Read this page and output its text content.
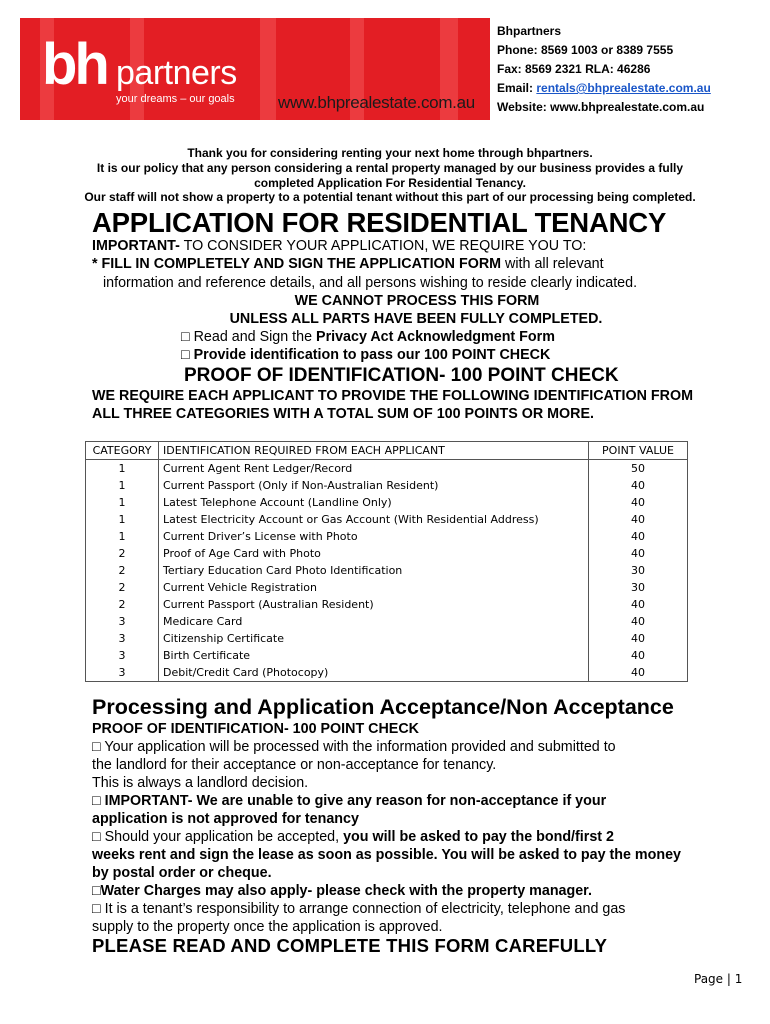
bh partners
your dreams – our goals	www.bhprealestate.com.au
Bhpartners
Phone: 8569 1003 or 8389 7555
Fax: 8569 2321 RLA: 46286
Email: rentals@bhprealestate.com.au
Website: www.bhprealestate.com.au
Thank you for considering renting your next home through bhpartners.
It is our policy that any person considering a rental property managed by our business provides a fully
completed Application For Residential Tenancy.
Our staff will not show a property to a potential tenant without this part of our processing being completed.
APPLICATION FOR RESIDENTIAL TENANCY
IMPORTANT- TO CONSIDER YOUR APPLICATION, WE REQUIRE YOU TO:
* FILL IN COMPLETELY AND SIGN THE APPLICATION FORM with all relevant
information and reference details, and all persons wishing to reside clearly indicated.
WE CANNOT PROCESS THIS FORM
UNLESS ALL PARTS HAVE BEEN FULLY COMPLETED.
□ Read and Sign the Privacy Act Acknowledgment Form
□ Provide identification to pass our 100 POINT CHECK
PROOF OF IDENTIFICATION- 100 POINT CHECK
WE REQUIRE EACH APPLICANT TO PROVIDE THE FOLLOWING IDENTIFICATION FROM
ALL THREE CATEGORIES WITH A TOTAL SUM OF 100 POINTS OR MORE.
CATEGORY	IDENTIFICATION REQUIRED FROM EACH APPLICANT	POINT VALUE
1	Current Agent Rent Ledger/Record	50
1	Current Passport (Only if Non-Australian Resident)	40
1	Latest Telephone Account (Landline Only)	40
1	Latest Electricity Account or Gas Account (With Residential Address)	40
1	Current Driver’s License with Photo	40
2	Proof of Age Card with Photo	40
2	Tertiary Education Card Photo Identification	30
2	Current Vehicle Registration	30
2	Current Passport (Australian Resident)	40
3	Medicare Card	40
3	Citizenship Certificate	40
3	Birth Certificate	40
3	Debit/Credit Card (Photocopy)	40
Processing and Application Acceptance/Non Acceptance
PROOF OF IDENTIFICATION- 100 POINT CHECK
□ Your application will be processed with the information provided and submitted to
the landlord for their acceptance or non-acceptance for tenancy.
This is always a landlord decision.
□ IMPORTANT- We are unable to give any reason for non-acceptance if your
application is not approved for tenancy
□ Should your application be accepted, you will be asked to pay the bond/first 2
weeks rent and sign the lease as soon as possible. You will be asked to pay the money
by postal order or cheque.
□Water Charges may also apply- please check with the property manager.
□ It is a tenant’s responsibility to arrange connection of electricity, telephone and gas
supply to the property once the application is approved.
PLEASE READ AND COMPLETE THIS FORM CAREFULLY
Page | 1
